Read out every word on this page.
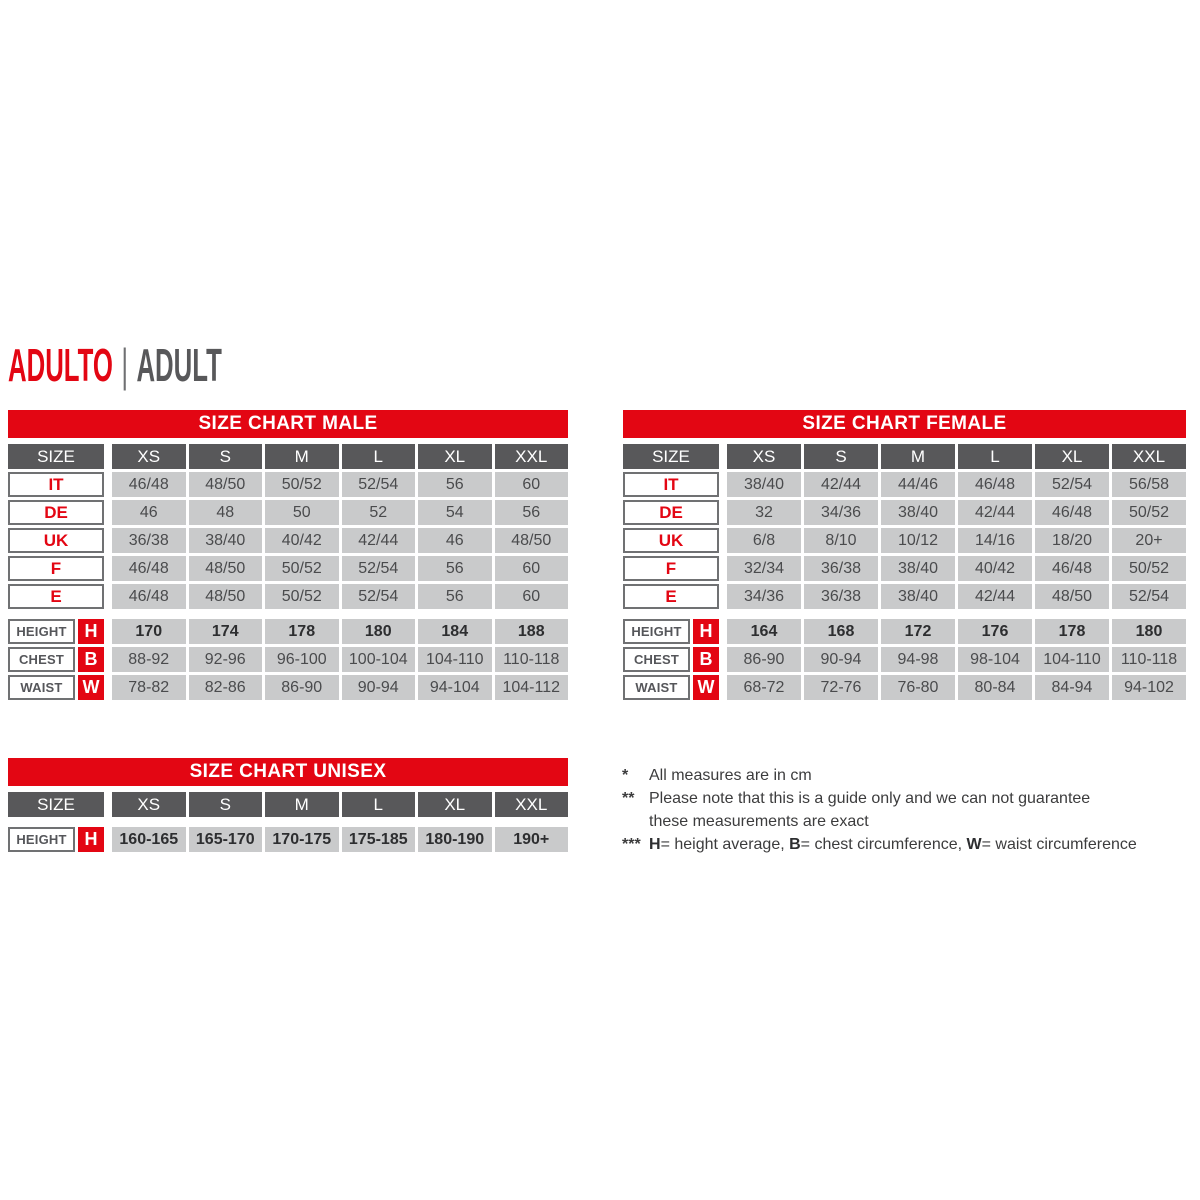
ADULTO | ADULT
SIZE CHART MALE
SIZE	XS	S	M	L	XL	XXL
IT	46/48	48/50	50/52	52/54	56	60
DE	46	48	50	52	54	56
UK	36/38	38/40	40/42	42/44	46	48/50
F	46/48	48/50	50/52	52/54	56	60
E	46/48	48/50	50/52	52/54	56	60
HEIGHT H	170	174	178	180	184	188
CHEST	B	88-92	92-96	96-100	100-104	104-110	110-118
WAIST	W	78-82	82-86	86-90	90-94	94-104	104-112
SIZE CHART FEMALE
SIZE	XS	S	M	L	XL	XXL
IT	38/40	42/44	44/46	46/48	52/54	56/58
DE	32	34/36	38/40	42/44	46/48	50/52
UK	6/8	8/10	10/12	14/16	18/20	20+
F	32/34	36/38	38/40	40/42	46/48	50/52
E	34/36	36/38	38/40	42/44	48/50	52/54
HEIGHT H	164	168	172	176	178	180
CHEST	B	86-90	90-94	94-98	98-104	104-110	110-118
WAIST	W	68-72	72-76	76-80	80-84	84-94	94-102
SIZE CHART UNISEX
SIZE	XS	S	M	L	XL	XXL
HEIGHT H	160-165	165-170	170-175	175-185	180-190	190+
*	All measures are in cm
** Please note that this is a guide only and we can not guarantee
these measurements are exact
*** H= height average, B= chest circumference, W= waist circumference
